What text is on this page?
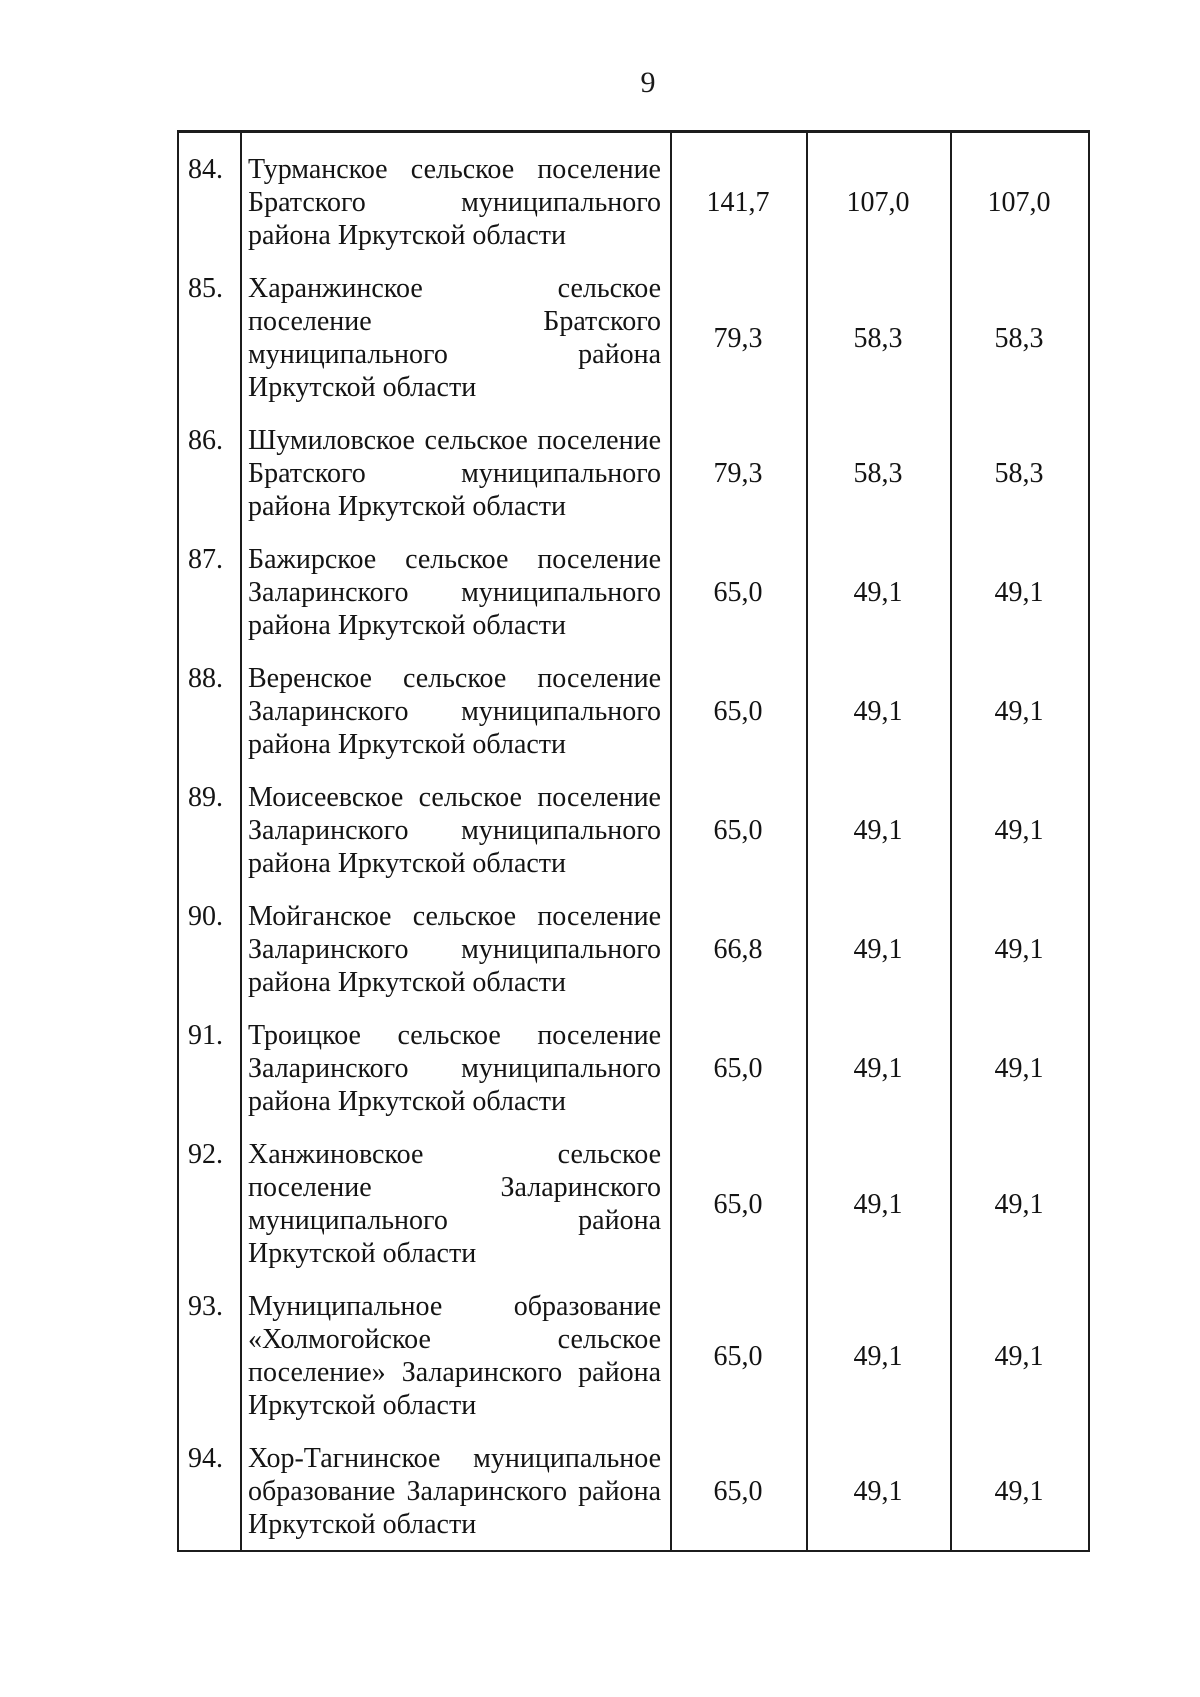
9
84. Турманское сельское поселение
Братского муниципального
района Иркутской области
141,7	107,0	107,0
85. Харанжинское сельское
поселение Братского
муниципального района
Иркутской области
79,3	58,3	58,3
86. Шумиловское сельское поселение
Братского муниципального
района Иркутской области
79,3	58,3	58,3
87. Бажирское сельское поселение
Заларинского муниципального
района Иркутской области
65,0	49,1	49,1
88. Веренское сельское поселение
Заларинского муниципального
района Иркутской области
65,0	49,1	49,1
89. Моисеевское сельское поселение
Заларинского муниципального
района Иркутской области
65,0	49,1	49,1
90. Мойганское сельское поселение
Заларинского муниципального
района Иркутской области
66,8	49,1	49,1
91. Троицкое сельское поселение
Заларинского муниципального
района Иркутской области
65,0	49,1	49,1
92. Ханжиновское сельское
поселение Заларинского
муниципального района
Иркутской области
65,0	49,1	49,1
93. Муниципальное образование
«Холмогойское сельское
поселение» Заларинского района
Иркутской области
65,0	49,1	49,1
94. Хор-Тагнинское муниципальное
образование Заларинского района
Иркутской области
65,0	49,1	49,1
